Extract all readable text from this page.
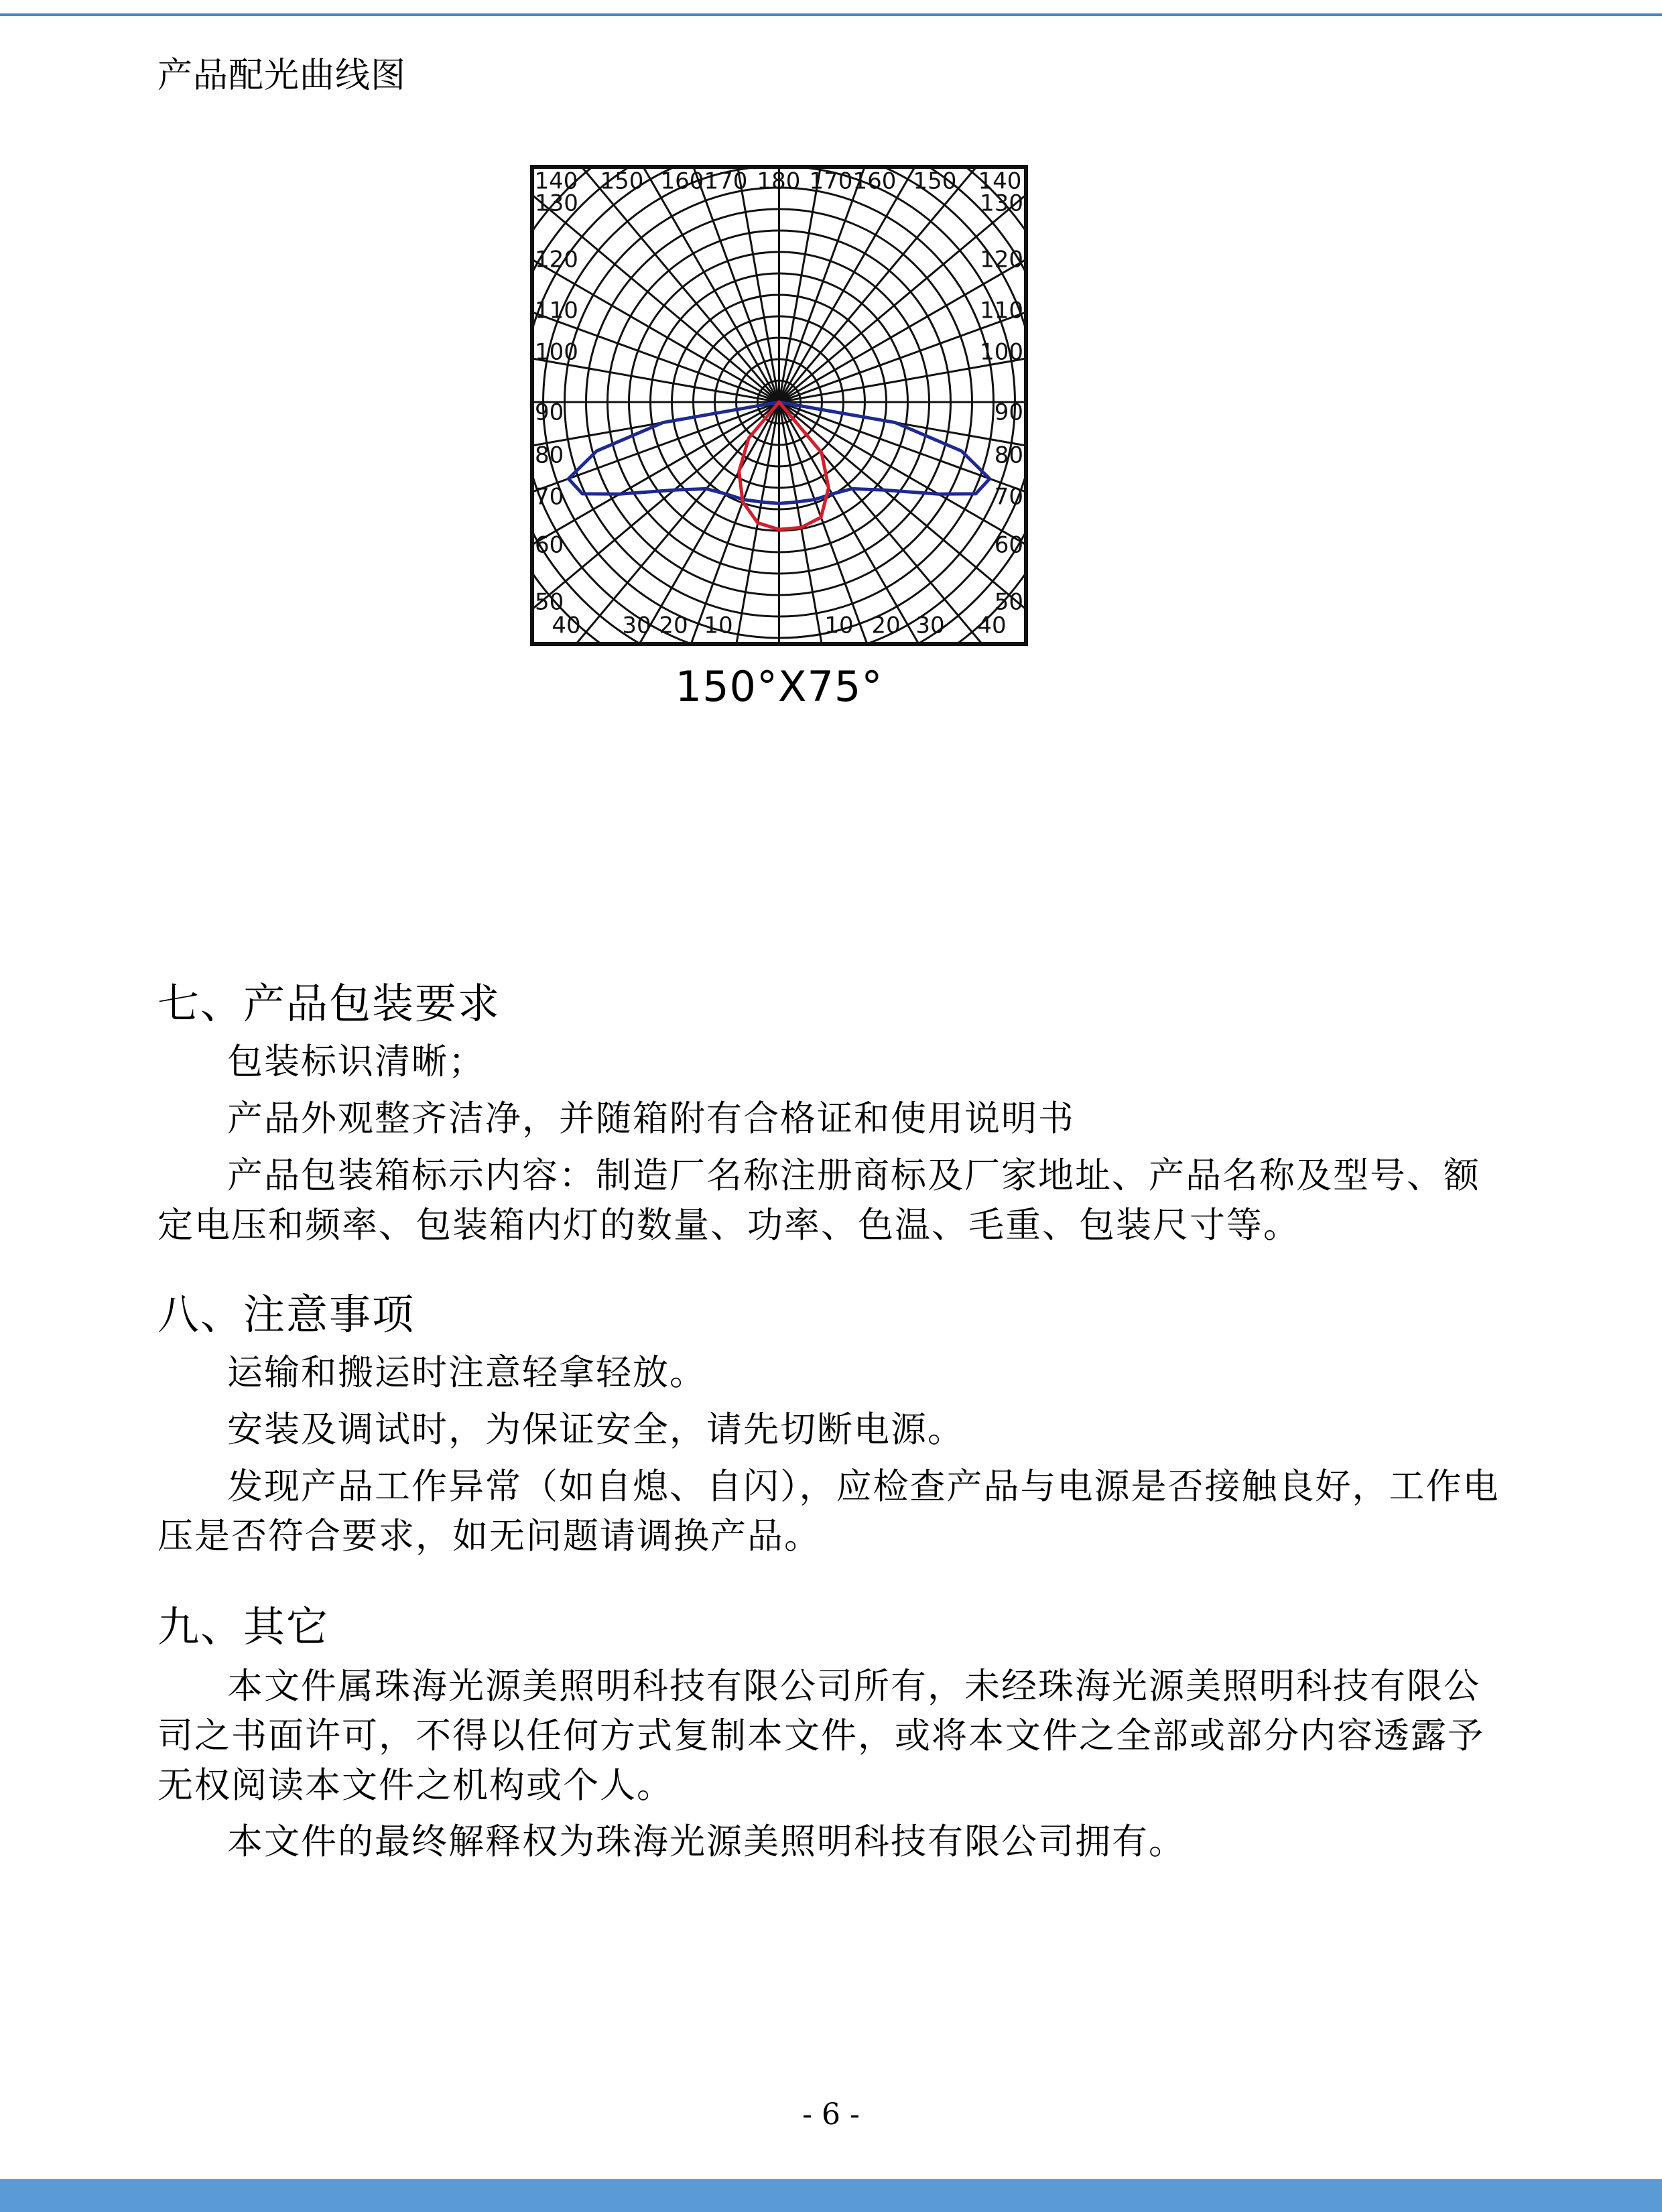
产品配光曲线图
140 150 160 170 180 170 160 150 140
130
120
110
100
90
80
70
60
50
130
120
110
100
90
80
70
60
50
40 30 20 10	10 20 30 40
150°X75°
七、产品包装要求
包装标识清晰；
产品外观整齐洁净，并随箱附有合格证和使用说明书
产品包装箱标示内容：制造厂名称注册商标及厂家地址、产品名称及型号、额定电压和频率、包装箱内灯的数量、功率、色温、毛重、包装尺寸等。
八、注意事项
运输和搬运时注意轻拿轻放。
安装及调试时，为保证安全，请先切断电源。
发现产品工作异常（如自熄、自闪），应检查产品与电源是否接触良好，工作电压是否符合要求，如无问题请调换产品。
九、其它
本文件属珠海光源美照明科技有限公司所有，未经珠海光源美照明科技有限公司之书面许可，不得以任何方式复制本文件，或将本文件之全部或部分内容透露予无权阅读本文件之机构或个人。
本文件的最终解释权为珠海光源美照明科技有限公司拥有。
- 6 -
